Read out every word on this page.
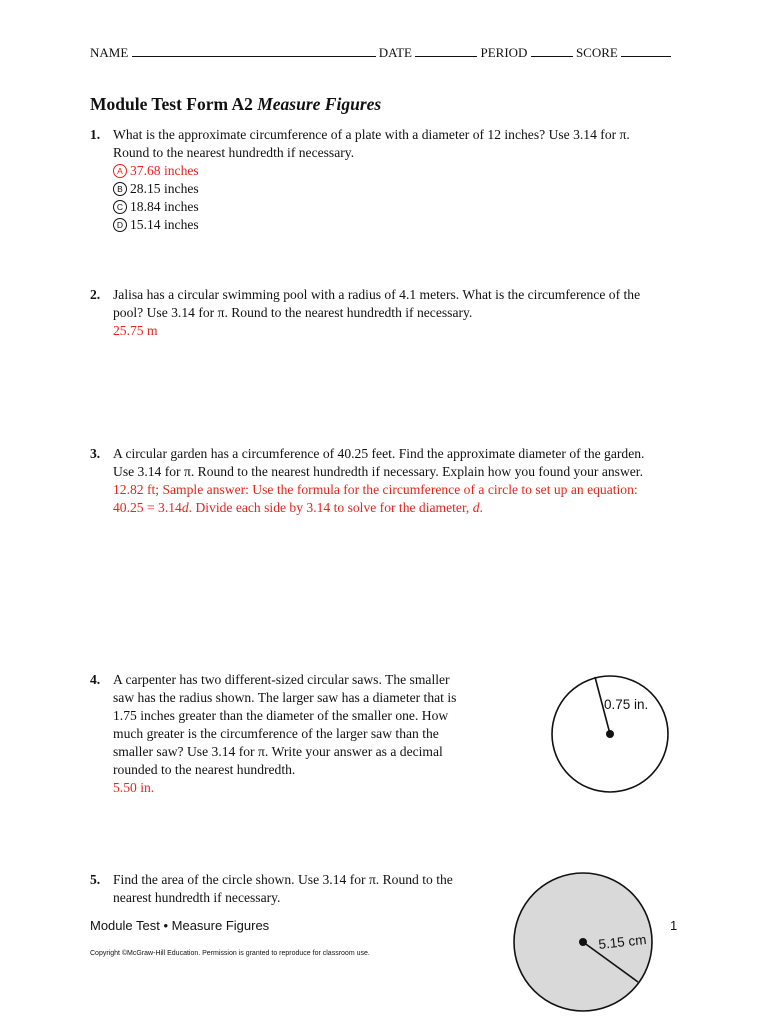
NAME	DATE	PERIOD	SCORE
Module Test Form A2 Measure Figures
1. What is the approximate circumference of a plate with a diameter of 12 inches? Use 3.14 for π. Round to the nearest hundredth if necessary.
A 37.68 inches
B 28.15 inches
C 18.84 inches
D 15.14 inches
2. Jalisa has a circular swimming pool with a radius of 4.1 meters. What is the circumference of the pool? Use 3.14 for π. Round to the nearest hundredth if necessary.
25.75 m
3. A circular garden has a circumference of 40.25 feet. Find the approximate diameter of the garden. Use 3.14 for π. Round to the nearest hundredth if necessary. Explain how you found your answer.
12.82 ft; Sample answer: Use the formula for the circumference of a circle to set up an equation: 40.25 = 3.14d. Divide each side by 3.14 to solve for the diameter, d.
4. A carpenter has two different-sized circular saws. The smaller saw has the radius shown. The larger saw has a diameter that is 1.75 inches greater than the diameter of the smaller one. How much greater is the circumference of the larger saw than the smaller saw? Use 3.14 for π. Write your answer as a decimal rounded to the nearest hundredth.
5.50 in.
0.75 in.
5. Find the area of the circle shown. Use 3.14 for π. Round to the nearest hundredth if necessary.
5.15 cm
Module Test • Measure Figures	1
Copyright ©McGraw-Hill Education. Permission is granted to reproduce for classroom use.
